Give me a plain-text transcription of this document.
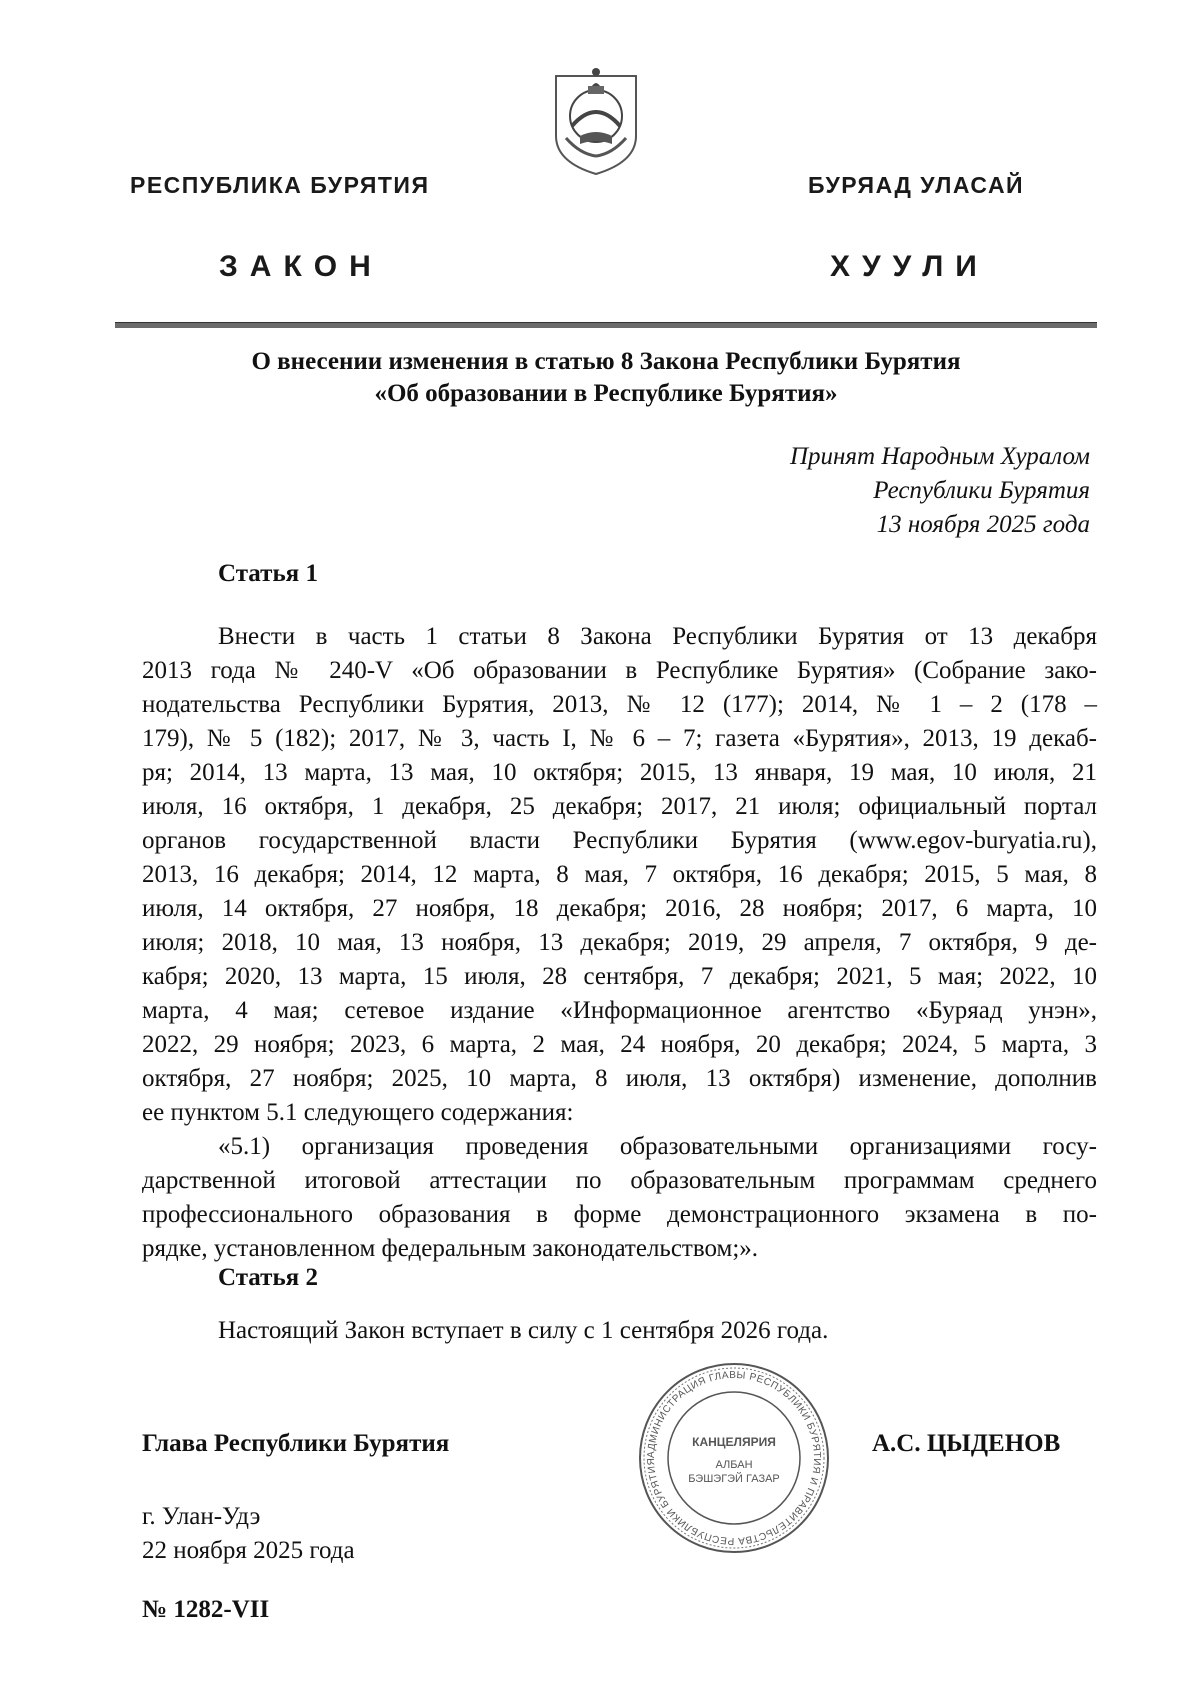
РЕСПУБЛИКА БУРЯТИЯ	БУРЯАД УЛАСАЙ
ЗАКОН	ХУУЛИ
О внесении изменения в статью 8 Закона Республики Бурятия
«Об образовании в Республике Бурятия»
Принят Народным Хуралом
Республики Бурятия
13 ноября 2025 года
Статья 1
Внести в часть 1 статьи 8 Закона Республики Бурятия от 13 декабря
2013 года № 240-V «Об образовании в Республике Бурятия» (Собрание зако-
нодательства Республики Бурятия, 2013, № 12 (177); 2014, № 1 – 2 (178 –
179), № 5 (182); 2017, № 3, часть I, № 6 – 7; газета «Бурятия», 2013, 19 декаб-
ря; 2014, 13 марта, 13 мая, 10 октября; 2015, 13 января, 19 мая, 10 июля, 21
июля, 16 октября, 1 декабря, 25 декабря; 2017, 21 июля; официальный портал
органов государственной власти Республики Бурятия (www.egov-buryatia.ru),
2013, 16 декабря; 2014, 12 марта, 8 мая, 7 октября, 16 декабря; 2015, 5 мая, 8
июля, 14 октября, 27 ноября, 18 декабря; 2016, 28 ноября; 2017, 6 марта, 10
июля; 2018, 10 мая, 13 ноября, 13 декабря; 2019, 29 апреля, 7 октября, 9 де-
кабря; 2020, 13 марта, 15 июля, 28 сентября, 7 декабря; 2021, 5 мая; 2022, 10
марта, 4 мая; сетевое издание «Информационное агентство «Буряад унэн»,
2022, 29 ноября; 2023, 6 марта, 2 мая, 24 ноября, 20 декабря; 2024, 5 марта, 3
октября, 27 ноября; 2025, 10 марта, 8 июля, 13 октября) изменение, дополнив
ее пунктом 5.1 следующего содержания:
«5.1) организация проведения образовательными организациями госу-
дарственной итоговой аттестации по образовательным программам среднего
профессионального образования в форме демонстрационного экзамена в по-
рядке, установленном федеральным законодательством;».
Статья 2
Настоящий Закон вступает в силу с 1 сентября 2026 года.
АДМИНИСТРАЦИЯ ГЛАВЫ РЕСПУБЛИКИ БУРЯТИЯ И ПРАВИТЕЛЬСТВА РЕСПУБЛИКИ БУРЯТИЯ
КАНЦЕЛЯРИЯ
АЛБАН
БЭШЭГЭЙ ГАЗАР
Глава Республики Бурятия	А.С. ЦЫДЕНОВ
г. Улан-Удэ
22 ноября 2025 года
№ 1282-VII
